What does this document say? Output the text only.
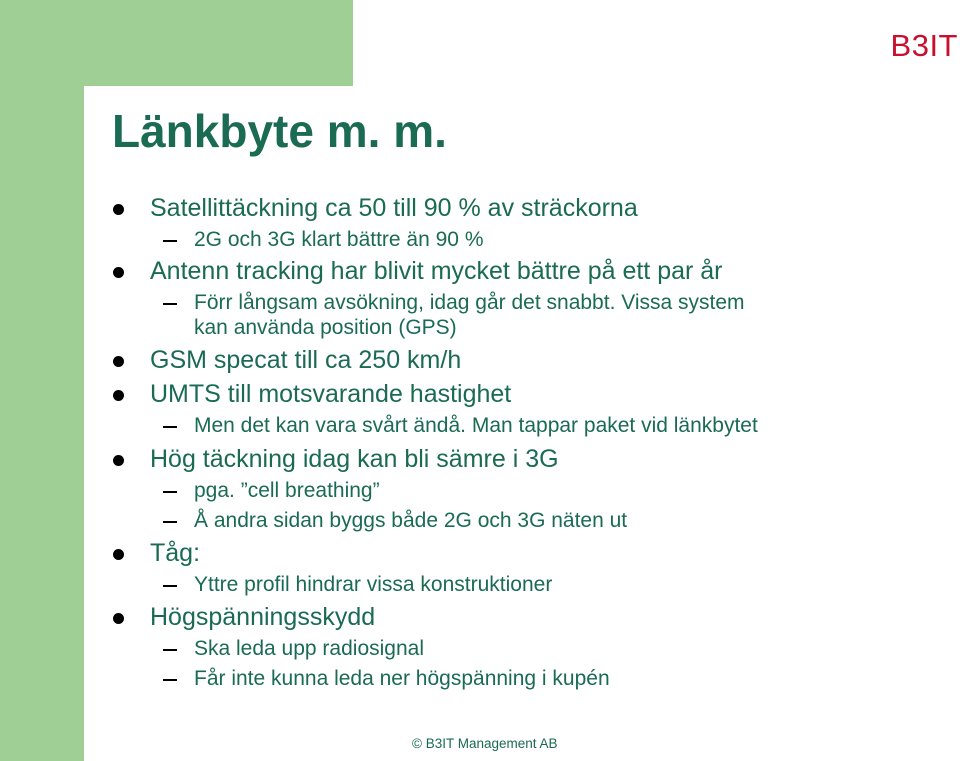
B3IT
Länkbyte m. m.
Satellittäckning ca 50 till 90 % av sträckorna
2G och 3G klart bättre än 90 %
Antenn tracking har blivit mycket bättre på ett par år
Förr långsam avsökning, idag går det snabbt. Vissa system
kan använda position (GPS)
GSM specat till ca 250 km/h
UMTS till motsvarande hastighet
Men det kan vara svårt ändå. Man tappar paket vid länkbytet
Hög täckning idag kan bli sämre i 3G
pga. ”cell breathing”
Å andra sidan byggs både 2G och 3G näten ut
Tåg:
Yttre profil hindrar vissa konstruktioner
Högspänningsskydd
Ska leda upp radiosignal
Får inte kunna leda ner högspänning i kupén
© B3IT Management AB
